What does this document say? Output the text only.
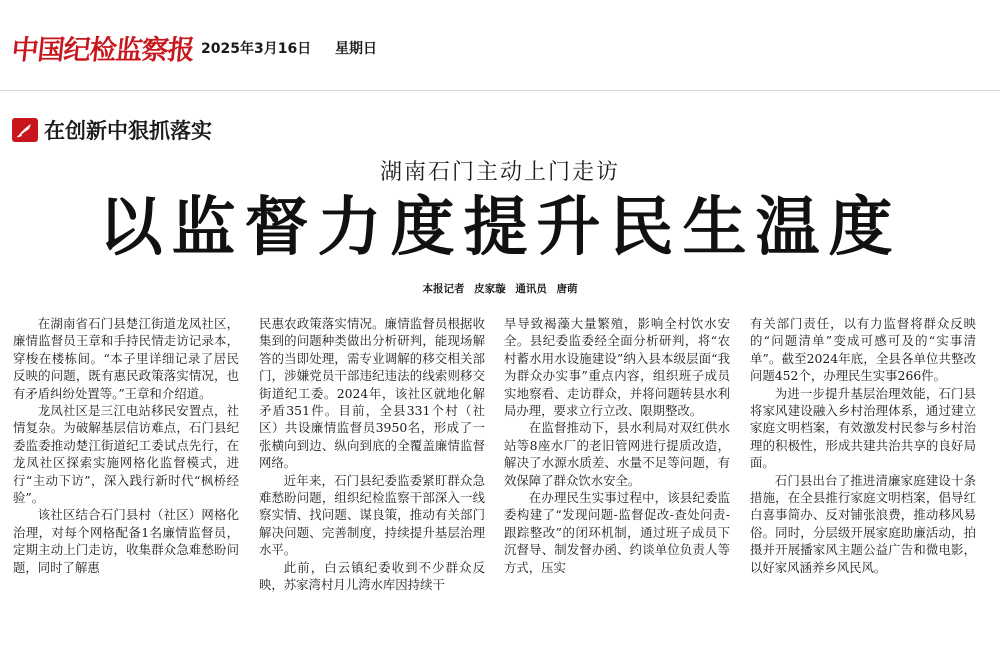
中国纪检监察报 2025年3月16日 星期日
在创新中狠抓落实
湖南石门主动上门走访
以监督力度提升民生温度
本报记者 皮家璇 通讯员 唐萌

在湖南省石门县楚江街道龙凤社区，廉情监督员王章和手持民情走访记录本，穿梭在楼栋间。“本子里详细记录了居民反映的问题，既有惠民政策落实情况，也有矛盾纠纷处置等。”王章和介绍道。

龙凤社区是三江电站移民安置点，社情复杂。为破解基层信访难点，石门县纪委监委推动楚江街道纪工委试点先行，在龙凤社区探索实施网格化监督模式，进行“主动下访”，深入践行新时代“枫桥经验”。

该社区结合石门县村（社区）网格化治理，对每个网格配备1名廉情监督员，定期主动上门走访，收集群众急难愁盼问题，同时了解惠

民惠农政策落实情况。廉情监督员根据收集到的问题种类做出分析研判，能现场解答的当即处理，需专业调解的移交相关部门，涉嫌党员干部违纪违法的线索则移交街道纪工委。2024年，该社区就地化解矛盾351件。目前，全县331个村（社区）共设廉情监督员3950名，形成了一张横向到边、纵向到底的全覆盖廉情监督网络。

近年来，石门县纪委监委紧盯群众急难愁盼问题，组织纪检监察干部深入一线察实情、找问题、谋良策，推动有关部门解决问题、完善制度，持续提升基层治理水平。

此前，白云镇纪委收到不少群众反映，苏家湾村月儿湾水库因持续干

旱导致褐藻大量繁殖，影响全村饮水安全。县纪委监委经全面分析研判，将“农村蓄水用水设施建设”纳入县本级层面“我为群众办实事”重点内容，组织班子成员实地察看、走访群众，并将问题转县水利局办理，要求立行立改、限期整改。

在监督推动下，县水利局对双红供水站等8座水厂的老旧管网进行提质改造，解决了水源水质差、水量不足等问题，有效保障了群众饮水安全。

在办理民生实事过程中，该县纪委监委构建了“发现问题-监督促改-查处问责-跟踪整改”的闭环机制，通过班子成员下沉督导、制发督办函、约谈单位负责人等方式，压实

有关部门责任，以有力监督将群众反映的“问题清单”变成可感可及的“实事清单”。截至2024年底，全县各单位共整改问题452个，办理民生实事266件。

为进一步提升基层治理效能，石门县将家风建设融入乡村治理体系，通过建立家庭文明档案，有效激发村民参与乡村治理的积极性，形成共建共治共享的良好局面。

石门县出台了推进清廉家庭建设十条措施，在全县推行家庭文明档案，倡导红白喜事简办、反对铺张浪费，推动移风易俗。同时，分层级开展家庭助廉活动，拍摄并开展播家风主题公益广告和微电影，以好家风涵养乡风民风。
